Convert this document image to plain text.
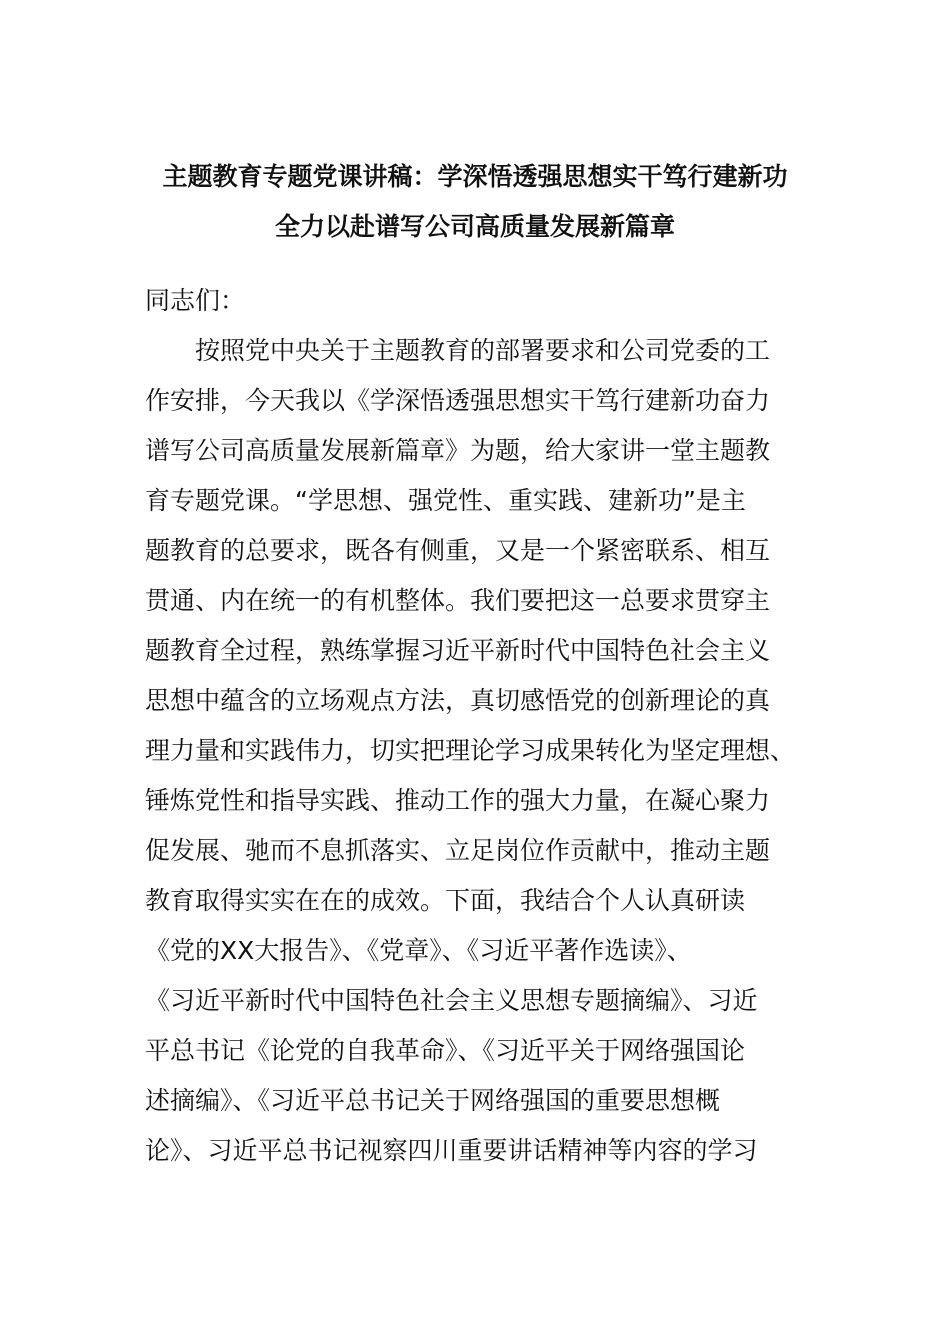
主题教育专题党课讲稿：学深悟透强思想实干笃行建新功
全力以赴谱写公司高质量发展新篇章
同志们：
按照党中央关于主题教育的部署要求和公司党委的工
作安排，今天我以《学深悟透强思想实干笃行建新功奋力
谱写公司高质量发展新篇章》为题，给大家讲一堂主题教
育专题党课。“学思想、强党性、重实践、建新功”是主
题教育的总要求，既各有侧重，又是一个紧密联系、相互
贯通、内在统一的有机整体。我们要把这一总要求贯穿主
题教育全过程，熟练掌握习近平新时代中国特色社会主义
思想中蕴含的立场观点方法，真切感悟党的创新理论的真
理力量和实践伟力，切实把理论学习成果转化为坚定理想、
锤炼党性和指导实践、推动工作的强大力量，在凝心聚力
促发展、驰而不息抓落实、立足岗位作贡献中，推动主题
教育取得实实在在的成效。下面，我结合个人认真研读
《党的XX大报告》、《党章》、《习近平著作选读》、
《习近平新时代中国特色社会主义思想专题摘编》、习近
平总书记《论党的自我革命》、《习近平关于网络强国论
述摘编》、《习近平总书记关于网络强国的重要思想概
论》、习近平总书记视察四川重要讲话精神等内容的学习
